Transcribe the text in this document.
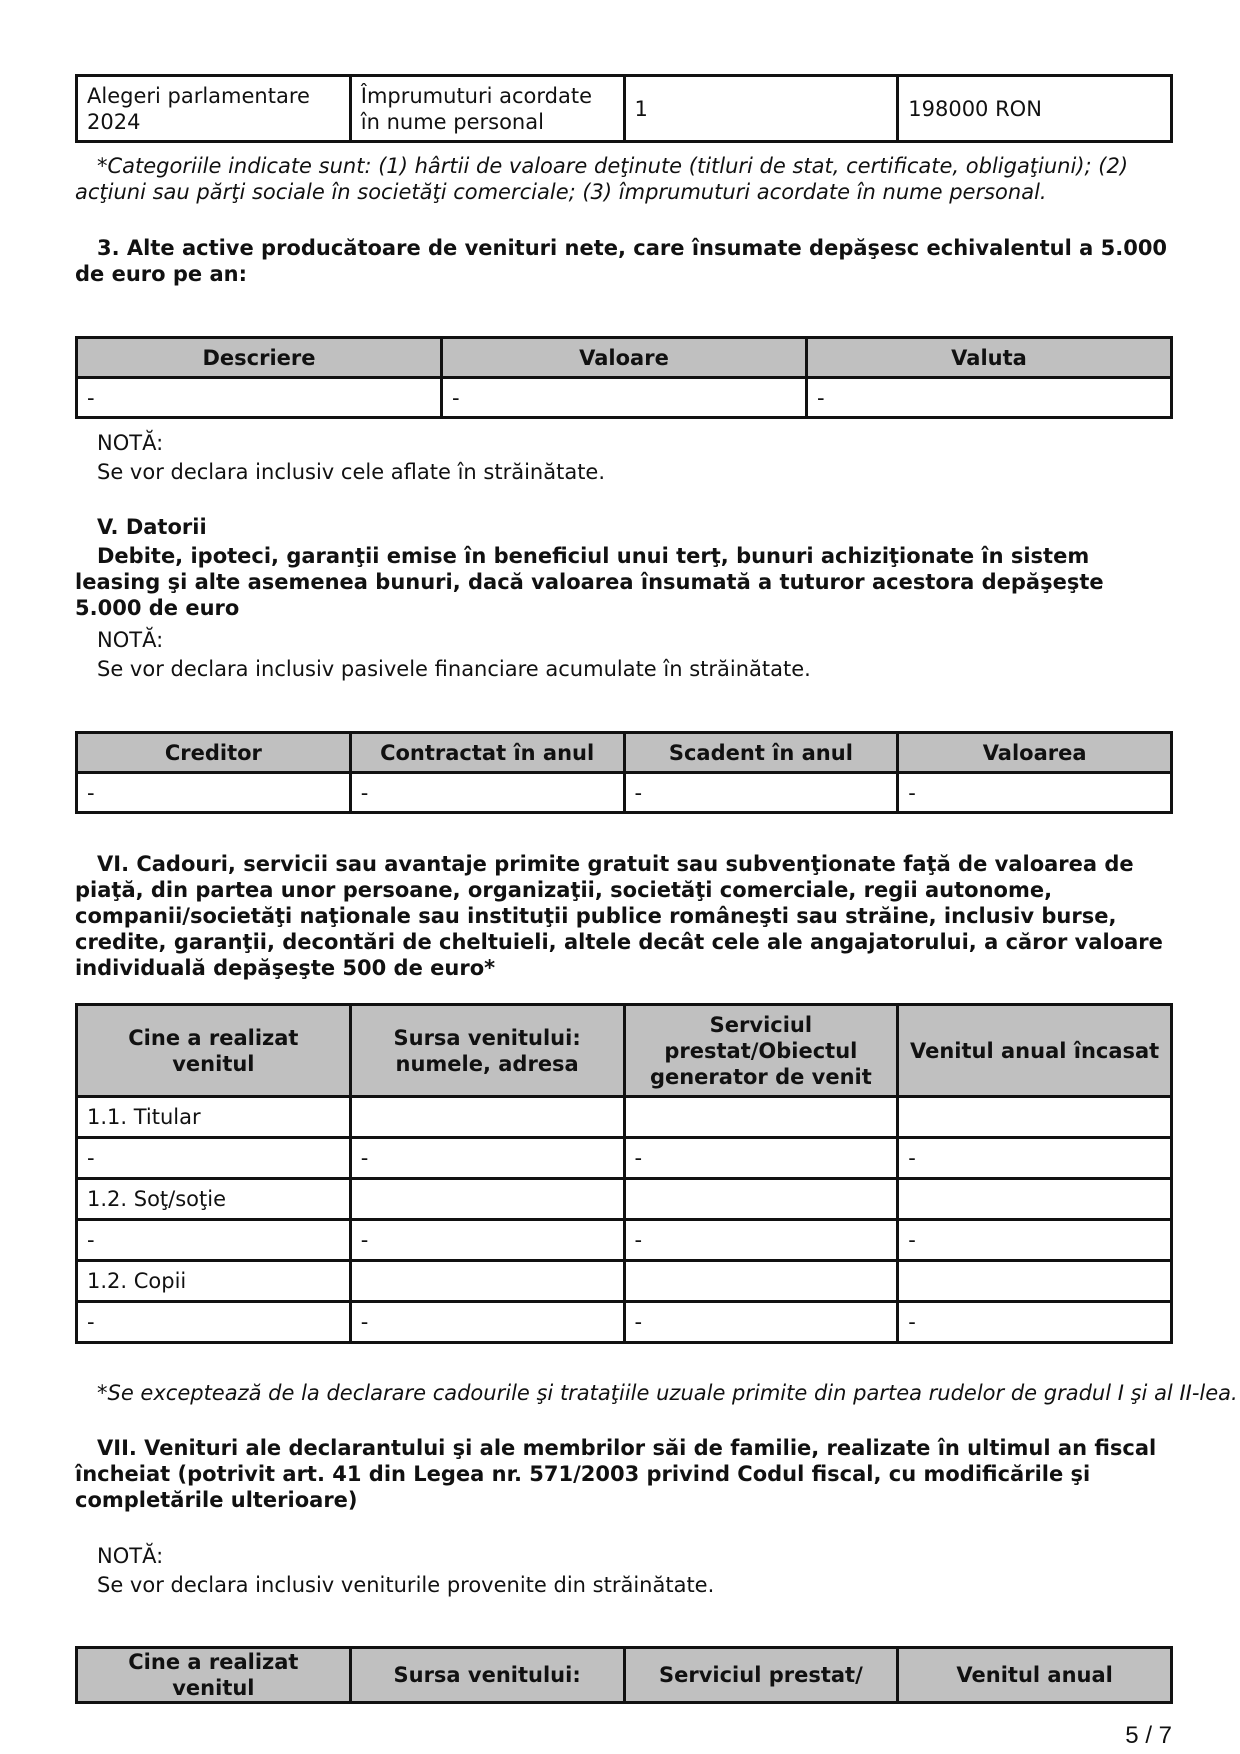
Alegeri parlamentare 2024	Împrumuturi acordate în nume personal	1	198000 RON
*Categoriile indicate sunt: (1) hârtii de valoare deţinute (titluri de stat, certificate, obligaţiuni); (2) acţiuni sau părţi sociale în societăţi comerciale; (3) împrumuturi acordate în nume personal.
3. Alte active producătoare de venituri nete, care însumate depăşesc echivalentul a 5.000 de euro pe an:
Descriere	Valoare	Valuta
-	-	-
NOTĂ:
Se vor declara inclusiv cele aflate în străinătate.
V. Datorii
Debite, ipoteci, garanţii emise în beneficiul unui terţ, bunuri achiziţionate în sistem leasing şi alte asemenea bunuri, dacă valoarea însumată a tuturor acestora depăşeşte 5.000 de euro
NOTĂ:
Se vor declara inclusiv pasivele financiare acumulate în străinătate.
Creditor	Contractat în anul	Scadent în anul	Valoarea
-	-	-	-
VI. Cadouri, servicii sau avantaje primite gratuit sau subvenţionate faţă de valoarea de piaţă, din partea unor persoane, organizaţii, societăţi comerciale, regii autonome, companii/societăţi naţionale sau instituţii publice româneşti sau străine, inclusiv burse, credite, garanţii, decontări de cheltuieli, altele decât cele ale angajatorului, a căror valoare individuală depăşeşte 500 de euro*
Cine a realizat venitul	Sursa venitului: numele, adresa	Serviciul prestat/Obiectul generator de venit	Venitul anual încasat
1.1. Titular			
-	-	-	-
1.2. Soţ/soţie			
-	-	-	-
1.2. Copii			
-	-	-	-
*Se exceptează de la declarare cadourile şi trataţiile uzuale primite din partea rudelor de gradul I şi al II-lea.
VII. Venituri ale declarantului şi ale membrilor săi de familie, realizate în ultimul an fiscal încheiat (potrivit art. 41 din Legea nr. 571/2003 privind Codul fiscal, cu modificările şi completările ulterioare)
NOTĂ:
Se vor declara inclusiv veniturile provenite din străinătate.
Cine a realizat venitul	Sursa venitului:	Serviciul prestat/	Venitul anual
5 / 7
